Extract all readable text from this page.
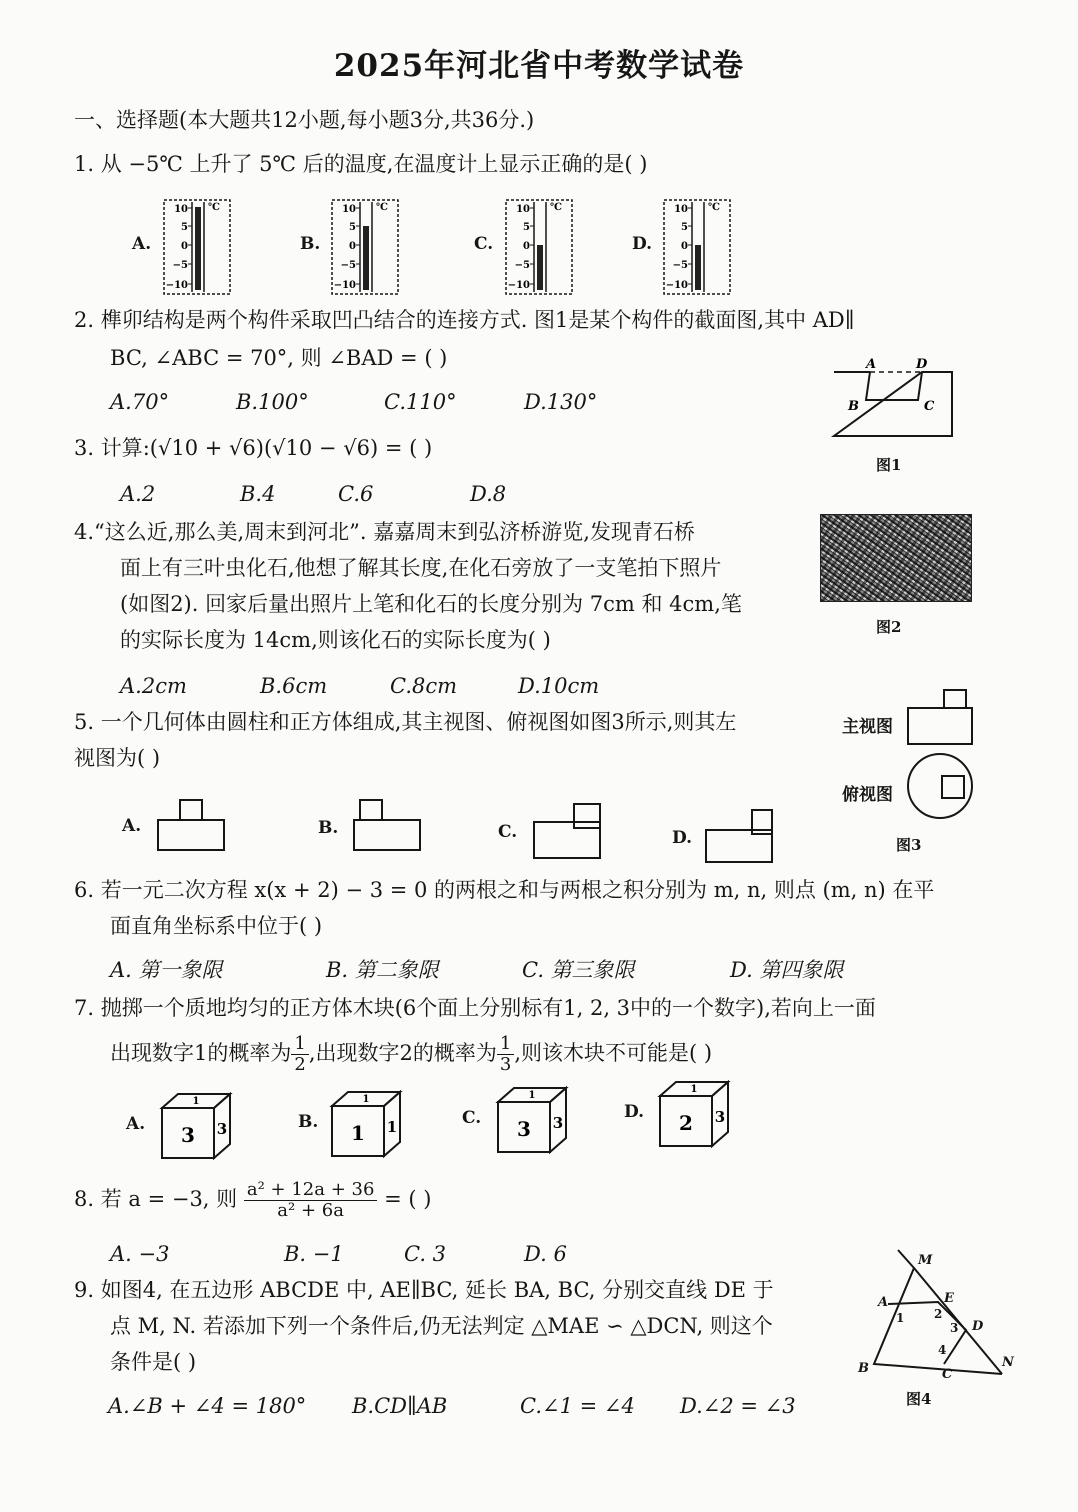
2025年河北省中考数学试卷
一、选择题(本大题共12小题,每小题3分,共36分.)
1. 从 −5℃ 上升了 5℃ 后的温度,在温度计上显示正确的是( )
A.
10
5
0
−5
−10
℃
B.
10
5
0
−5
−10
℃
C.
10
5
0
−5
−10
℃
D.
10
5
0
−5
−10
℃
2. 榫卯结构是两个构件采取凹凸结合的连接方式. 图1是某个构件的截面图,其中 AD∥
BC, ∠ABC = 70°, 则 ∠BAD = ( )
A.70°	B.100°	C.110°	D.130°
A	D
B	C
图1
3. 计算:(√10 + √6)(√10 − √6) = ( )
A.2	B.4	C.6	D.8
4.“这么近,那么美,周末到河北”. 嘉嘉周末到弘济桥游览,发现青石桥
面上有三叶虫化石,他想了解其长度,在化石旁放了一支笔拍下照片
(如图2). 回家后量出照片上笔和化石的长度分别为 7cm 和 4cm,笔
的实际长度为 14cm,则该化石的实际长度为( )
图2
A.2cm	B.6cm	C.8cm	D.10cm
5. 一个几何体由圆柱和正方体组成,其主视图、俯视图如图3所示,则其左
视图为( )
A.	B.	C.	D.
主视图
俯视图
图3
6. 若一元二次方程 x(x + 2) − 3 = 0 的两根之和与两根之积分别为 m, n, 则点 (m, n) 在平
面直角坐标系中位于( )
A. 第一象限	B. 第二象限	C. 第三象限	D. 第四象限
7. 抛掷一个质地均匀的正方体木块(6个面上分别标有1, 2, 3中的一个数字),若向上一面
出现数字1的概率为 $\frac{1}{2}$ ,出现数字2的概率为 $\frac{1}{3}$ ,则该木块不可能是( )
A. 3 3
1
B. 1 1
1
C. 3 3
1
D. 2 3
1
8. 若 a = −3, 则 $\frac{\text{a² + 12a + 36}}{\text{a² + 6a}}$ = ( )
A. −3	B. −1	C. 3	D. 6
9. 如图4, 在五边形 ABCDE 中, AE∥BC, 延长 BA, BC, 分别交直线 DE 于
点 M, N. 若添加下列一个条件后,仍无法判定 △MAE ∽ △DCN, 则这个
条件是( )
A.∠B + ∠4 = 180° B.CD∥AB	C.∠1 = ∠4 D.∠2 = ∠3
M
A	E
D
B	C
N
1 2
3
4
图4
